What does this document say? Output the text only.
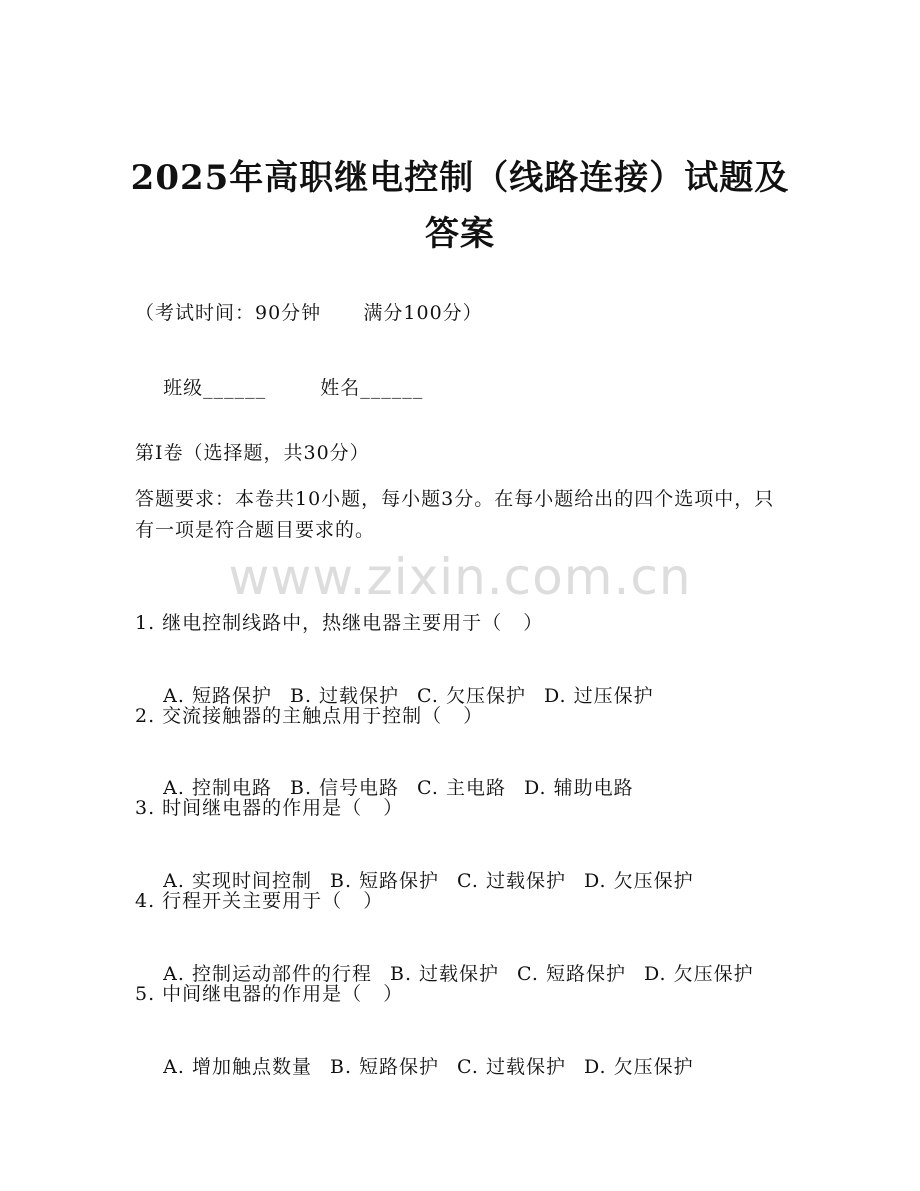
2025年高职继电控制（线路连接）试题及答案
（考试时间：90分钟      满分100分）

班级______	姓名______

第I卷（选择题，共30分）
答题要求：本卷共10小题，每小题3分。在每小题给出的四个选项中，只有一项是符合题目要求的。
www.zixin.com.cn
1. 继电控制线路中，热继电器主要用于（   ）

A. 短路保护 B. 过载保护 C. 欠压保护 D. 过压保护

2. 交流接触器的主触点用于控制（   ）

A. 控制电路 B. 信号电路 C. 主电路 D. 辅助电路

3. 时间继电器的作用是（   ）

A. 实现时间控制 B. 短路保护 C. 过载保护 D. 欠压保护

4. 行程开关主要用于（   ）

A. 控制运动部件的行程 B. 过载保护 C. 短路保护 D. 欠压保护

5. 中间继电器的作用是（   ）

A. 增加触点数量 B. 短路保护 C. 过载保护 D. 欠压保护
